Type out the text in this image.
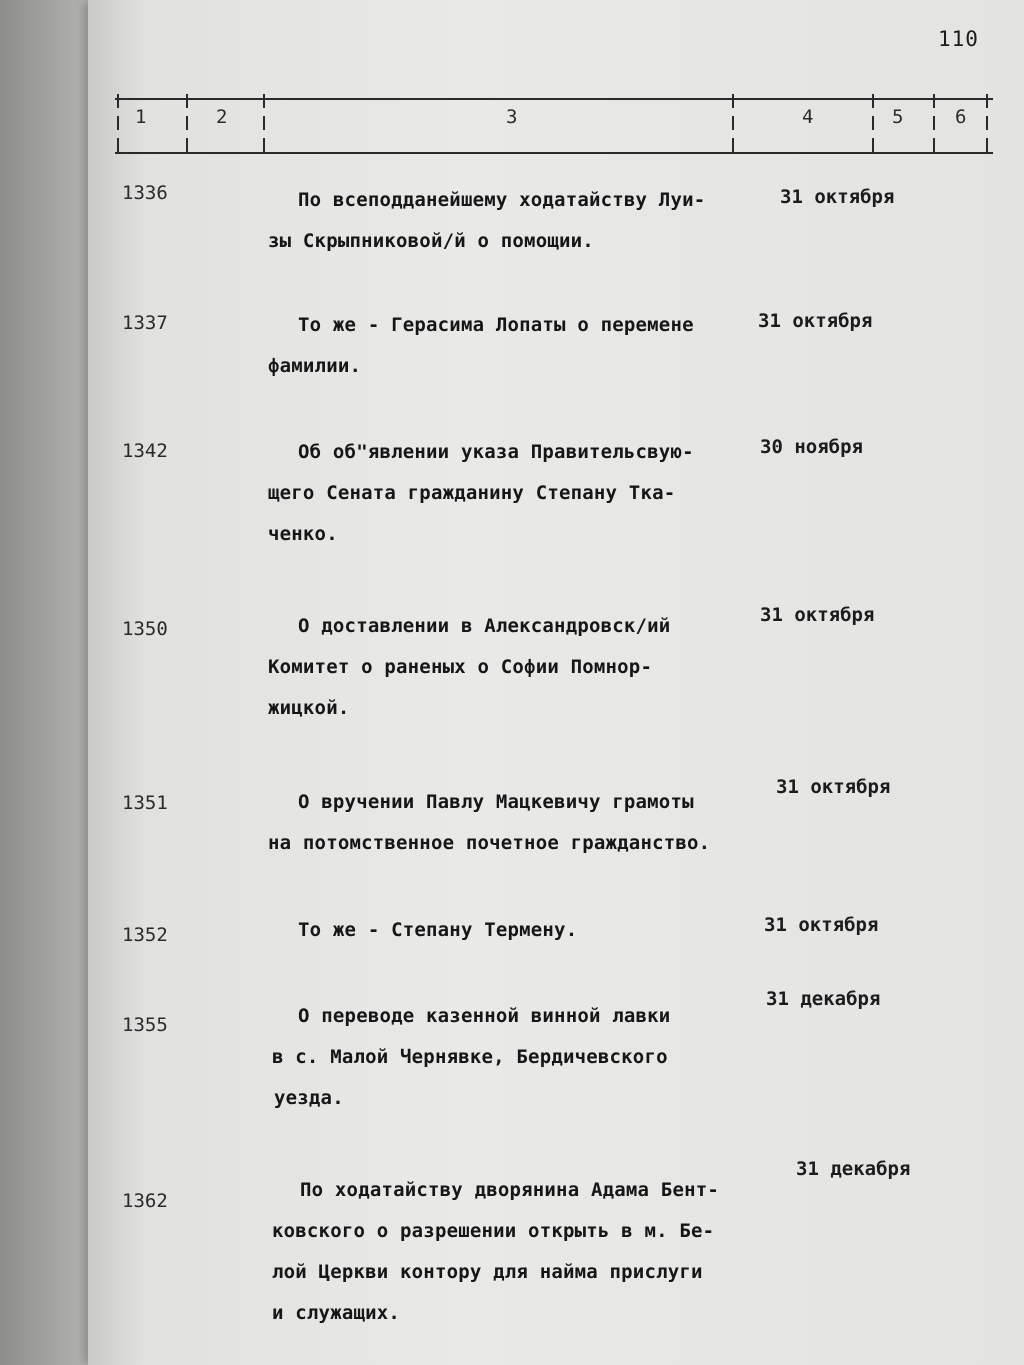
110
1	2	3	4	5	6
1336	По всеподданейшему ходатайству Луи-
зы Скрыпниковой/й о помощии.
31 октября
1337	То же - Герасима Лопаты о перемене
фамилии.
31 октября
1342	Об об"явлении указа Правительсвую-
щего Сената гражданину Степану Тка-
ченко.
30 ноября
1350	О доставлении в Александровск/ий
Комитет о раненых о Софии Помнор-
жицкой.
31 октября
1351	О вручении Павлу Мацкевичу грамоты
на потомственное почетное гражданство.
31 октября
1352	То же - Степану Термену.	31 октября
1355	О переводе казенной винной лавки
в с. Малой Чернявке, Бердичевского
уезда.
31 декабря
1362	По ходатайству дворянина Адама Бент-
ковского о разрешении открыть в м. Бе-
лой Церкви контору для найма прислуги
и служащих.
31 декабря
